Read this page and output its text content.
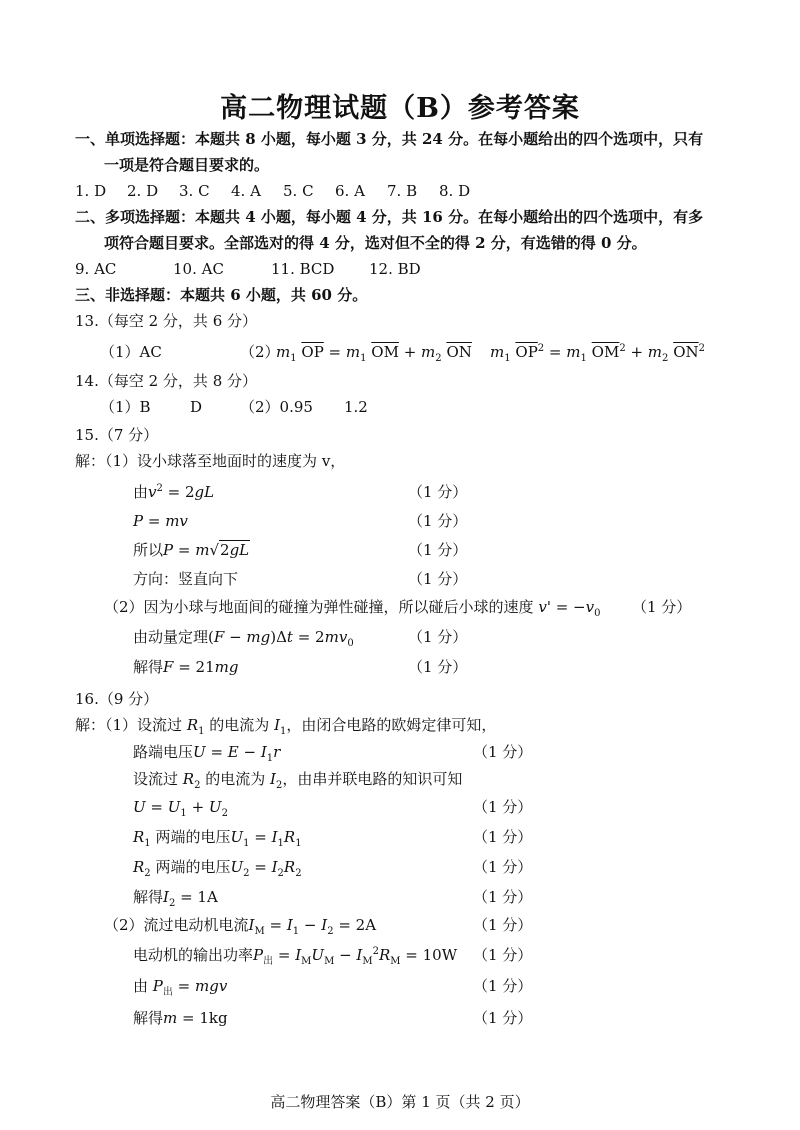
高二物理试题（B）参考答案
一、单项选择题：本题共 8 小题，每小题 3 分，共 24 分。在每小题给出的四个选项中，只有
一项是符合题目要求的。
1. D 2. D 3. C 4. A 5. C 6. A 7. B 8. D
二、多项选择题：本题共 4 小题，每小题 4 分，共 16 分。在每小题给出的四个选项中，有多
项符合题目要求。全部选对的得 4 分，选对但不全的得 2 分，有选错的得 0 分。
9. AC	10. AC	11. BCD 12. BD
三、非选择题：本题共 6 小题，共 60 分。
13.（每空 2 分，共 6 分）
（1）AC	（2）
$m_1$ $\overline{OP} = m_1$ $\overline{OM} + m_2$ $\overline{ON}$ $m_1$ $\overline{OP}^2 = m_1$ $\overline{OM}^2 + m_2$ $\overline{ON}^2$
14.（每空 2 分，共 8 分）
（1）B	D	（2）0.95 1.2
15.（7 分）
解：（1）设小球落至地面时的速度为 v，
由$v^2 = 2gL$	（1 分）
P = mv	（1 分）
所以P = m√2gL	（1 分）
方向：竖直向下	（1 分）
（2）因为小球与地面间的碰撞为弹性碰撞，所以碰后小球的速度 $v' = -v_0$ （1 分）
由动量定理$(F - mg)\Delta t = 2mv_0$	（1 分）
解得F = 21mg	（1 分）
16.（9 分）
解：（1）设流过 $R_1$ 的电流为 $I_1$，由闭合电路的欧姆定律可知，
路端电压$U = E - I_1r$	（1 分）
设流过 $R_2$ 的电流为 $I_2$，由串并联电路的知识可知
$U = U_1 + U_2$	（1 分）
$R_1$ 两端的电压$U_1 = I_1R_1$	（1 分）
$R_2$ 两端的电压$U_2 = I_2R_2$	（1 分）
解得$I_2 = 1A$	（1 分）
（2）流过电动机电流$I_M = I_1 - I_2 = 2A$	（1 分）
电动机的输出功率$P_出 = I_MU_M - I_M^2R_M = 10W$ （1 分）
由 $P_出$ = mgv	（1 分）
解得m = 1kg	（1 分）
高二物理答案（B）第 1 页（共 2 页）
